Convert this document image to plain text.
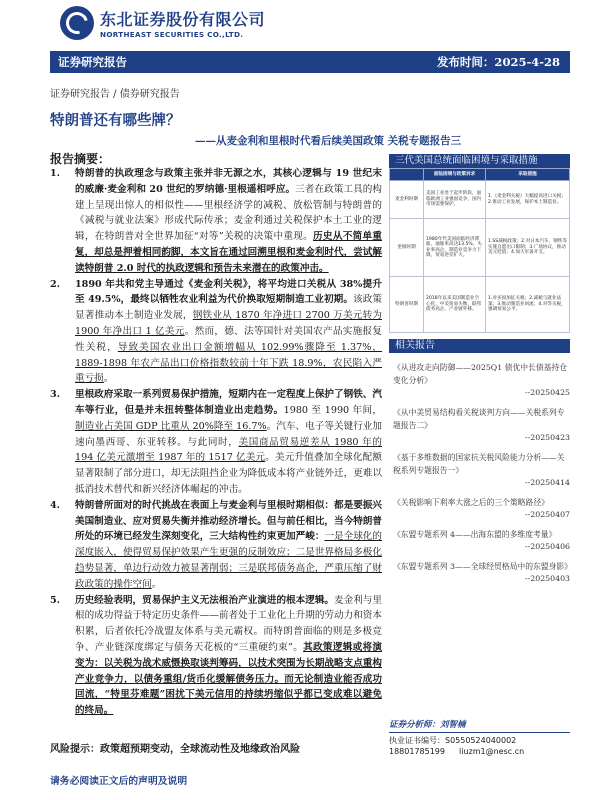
东北证券股份有限公司
NORTHEAST SECURITIES CO.,LTD.
证券研究报告	发布时间：2025-4-28
证券研究报告 / 债券研究报告
特朗普还有哪些牌？
——从麦金利和里根时代看后续美国政策 关税专题报告三
报告摘要：
1.	特朗普的执政理念与政策主张并非无源之水，其核心逻辑与 19 世纪末的威廉·麦金利和 20 世纪的罗纳德·里根遥相呼应。三者在政策工具的构建上呈现出惊人的相似性——里根经济学的减税、放松管制与特朗普的《减税与就业法案》形成代际传承；麦金利通过关税保护本土工业的逻辑，在特朗普对全世界加征“对等”关税的决策中重现。历史从不简单重复，却总是押着相同韵脚，本文旨在通过回溯里根和麦金利时代，尝试解读特朗普 2.0 时代的执政逻辑和预告未来潜在的政策冲击。
2.	1890 年共和党主导通过《麦金利关税》，将平均进口关税从 38%提升至 49.5%，最终以牺牲农业利益为代价换取短期制造工业初期。该政策显著推动本土制造业发展，钢铁业从 1870 年净进口 2700 万美元转为 1900 年净出口 1 亿美元。然而，德、法等国针对美国农产品实施报复性关税，导致美国农业出口金额增幅从 102.99%骤降至 1.37%，1889-1898 年农产品出口价格指数较前十年下跌 18.9%，农民陷入严重亏损。
3.	里根政府采取一系列贸易保护措施，短期内在一定程度上保护了钢铁、汽车等行业，但是并未扭转整体制造业出走趋势。1980 至 1990 年间，制造业占美国 GDP 比重从 20%降至 16.7%。汽车、电子等关键行业加速向墨西哥、东亚转移。与此同时，美国商品贸易逆差从 1980 年的 194 亿美元激增至 1987 年的 1517 亿美元。美元升值叠加全球化配额显著限制了部分进口，却无法阻挡企业为降低成本将产业链外迁，更难以抵消技术替代和新兴经济体崛起的冲击。
4.	特朗普所面对的时代挑战在表面上与麦金利与里根时期相似：都是要振兴美国制造业、应对贸易失衡并推动经济增长。但与前任相比，当今特朗普所处的环境已经发生深刻变化，三大结构性约束更加严峻：一是全球化的深度嵌入，使得贸易保护效果产生更强的反制效应；二是世界格局多极化趋势显著，单边行动效力被显著削弱；三是联邦债务高企，严重压缩了财政政策的操作空间。
5.	历史经验表明，贸易保护主义无法根治产业演进的根本逻辑。麦金利与里根的成功得益于特定历史条件——前者处于工业化上升期的劳动力和资本积累，后者依托冷战盟友体系与美元霸权。而特朗普面临的则是多极竞争、产业链深度绑定与债务天花板的“三重硬约束”。其政策逻辑或将演变为：以关税为战术威慑换取谈判筹码，以技术突围为长期战略支点重构产业竞争力，以债务重组/货币化缓解债务压力。而无论制造业能否成功回流，“特里芬难题”困扰下美元信用的持续坍缩似乎都已变成难以避免的终局。
风险提示：政策超预期变动，全球流动性及地缘政治风险
请务必阅读正文后的声明及说明
三代美国总统面临困境与采取措施
	面临困境与政策诉求	采取措施
麦金利时期	美国工业处于起步阶段，面临欧洲工业强国竞争，国内市场需要保护。	1.《麦金利关税》大幅提高进口关税；2.推动工业发展，保护本土制造业。
里根时期	1980年代美国面临经济滞胀，通胀率高达13.5%，失业率高企，制造业竞争力下降，贸易逆差扩大。	1.SS减税政策；2.对日本汽车、钢铁等实施自愿出口限制；3.广场协议，推动美元贬值；4.加大军备开支。
特朗普时期	2018年以来美国制造业空心化，中美贸易失衡，联邦债务高企，产业链外移。	1.对多国加征关税；2.减税与就业法案；3.推动制造业回流；4.对等关税，强调贸易公平。
相关报告
《从进攻走向防御——2025Q1 债优中长债基持仓变化分析》
--20250425
《从中美贸易结构看关税谈判方向——关税系列专题报告二》
--20250423
《基于多维数据的国家抗关税风险能力分析——关税系列专题报告一》
--20250414
《关税影响下利率大涨之后的三个策略路径》
--20250407
《东盟专题系列 4——出海东盟的多维度考量》
--20250406
《东盟专题系列 3——全球经贸格局中的东盟身影》
--20250403
证券分析师：刘智楠
执业证书编号：S0550524040002
18801785199 liuzm1@nesc.cn
